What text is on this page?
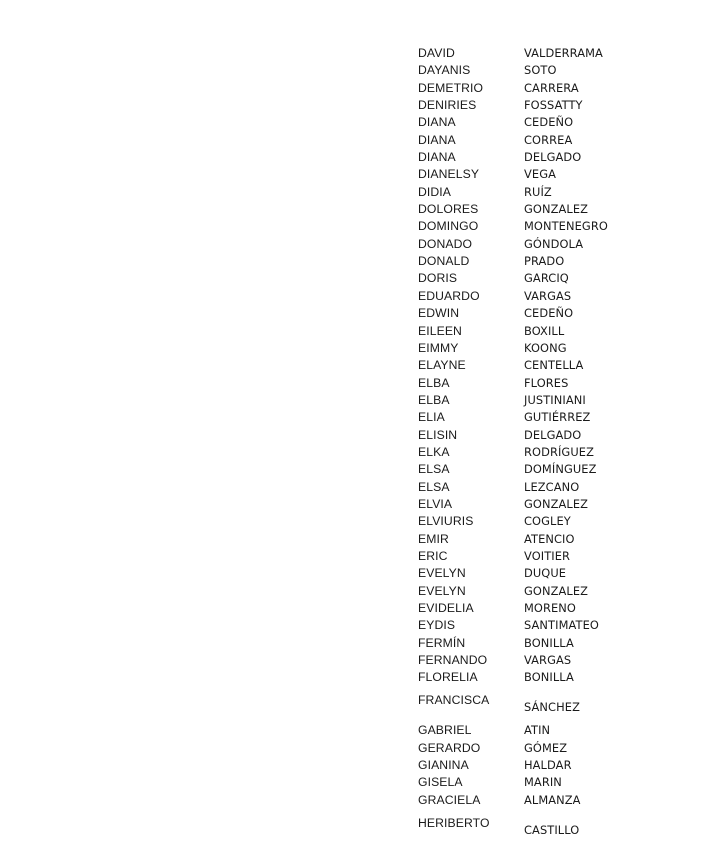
DAVID	VALDERRAMA
DAYANIS	SOTO
DEMETRIO	CARRERA
DENIRIES	FOSSATTY
DIANA	CEDEÑO
DIANA	CORREA
DIANA	DELGADO
DIANELSY	VEGA
DIDIA	RUÍZ
DOLORES	GONZALEZ
DOMINGO	MONTENEGRO
DONADO	GÓNDOLA
DONALD	PRADO
DORIS	GARCIQ
EDUARDO	VARGAS
EDWIN	CEDEÑO
EILEEN	BOXILL
EIMMY	KOONG
ELAYNE	CENTELLA
ELBA	FLORES
ELBA	JUSTINIANI
ELIA	GUTIÉRREZ
ELISIN	DELGADO
ELKA	RODRÍGUEZ
ELSA	DOMÍNGUEZ
ELSA	LEZCANO
ELVIA	GONZALEZ
ELVIURIS	COGLEY
EMIR	ATENCIO
ERIC	VOITIER
EVELYN	DUQUE
EVELYN	GONZALEZ
EVIDELIA	MORENO
EYDIS	SANTIMATEO
FERMÍN	BONILLA
FERNANDO	VARGAS
FLORELIA	BONILLA
FRANCISCA	SÁNCHEZ
GABRIEL	ATIN
GERARDO	GÓMEZ
GIANINA	HALDAR
GISELA	MARIN
GRACIELA	ALMANZA
HERIBERTO	CASTILLO
